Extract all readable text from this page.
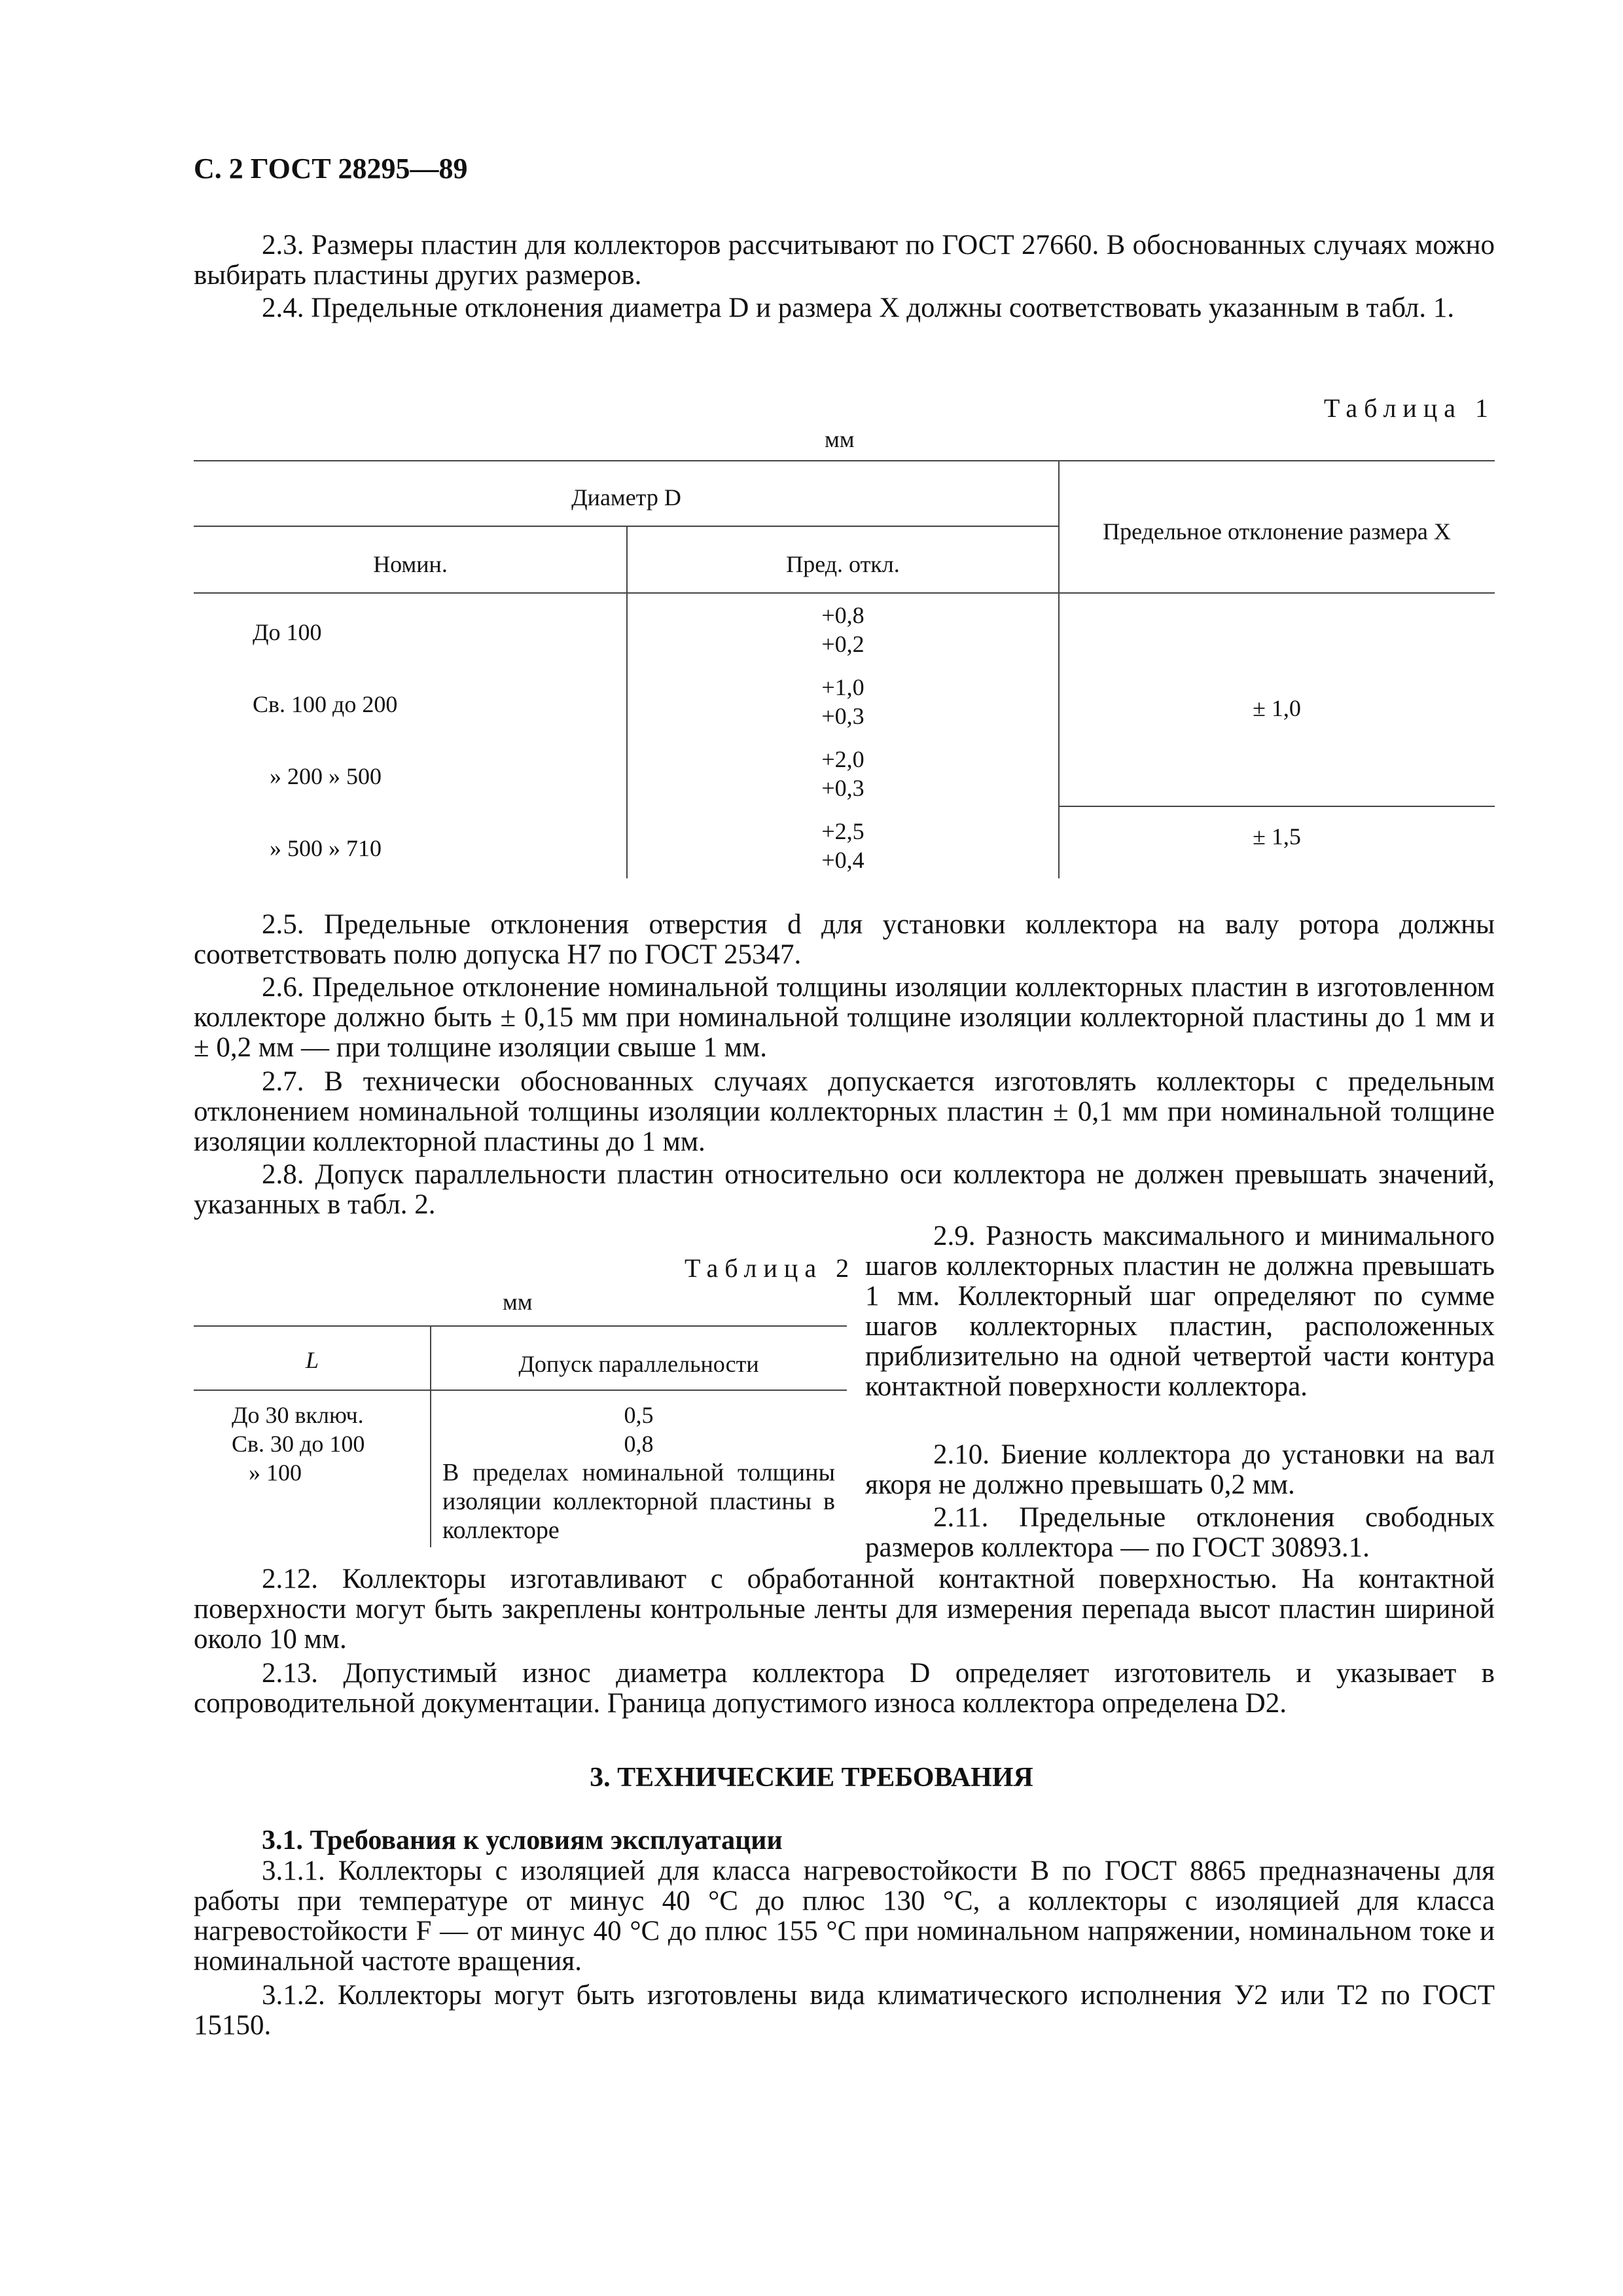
С. 2 ГОСТ 28295—89

2.3. Размеры пластин для коллекторов рассчитывают по ГОСТ 27660. В обоснованных случаях можно выбирать пластины других размеров.

2.4. Предельные отклонения диаметра D и размера X должны соответствовать указанным в табл. 1.

Таблица 1
мм
Диаметр D
Номин.	Пред. откл.
Предельное отклонение размера X
До 100
+0,8
+0,2
Св. 100 до 200
+1,0
+0,3
» 200 » 500
+2,0
+0,3
» 500 » 710
+2,5
+0,4
± 1,0
± 1,5

2.5. Предельные отклонения отверстия d для установки коллектора на валу ротора должны соответствовать полю допуска H7 по ГОСТ 25347.

2.6. Предельное отклонение номинальной толщины изоляции коллекторных пластин в изготовленном коллекторе должно быть ± 0,15 мм при номинальной толщине изоляции коллекторной пластины до 1 мм и ± 0,2 мм — при толщине изоляции свыше 1 мм.

2.7. В технически обоснованных случаях допускается изготовлять коллекторы с предельным отклонением номинальной толщины изоляции коллекторных пластин ± 0,1 мм при номинальной толщине изоляции коллекторной пластины до 1 мм.

2.8. Допуск параллельности пластин относительно оси коллектора не должен превышать значений, указанных в табл. 2.

Таблица 2
мм
L	Допуск параллельности
До 30 включ.
Св. 30 до 100
» 100
0,5
0,8
В пределах номинальной толщины изоляции коллекторной пластины в коллекторе

2.9. Разность максимального и минимального шагов коллекторных пластин не должна превышать 1 мм. Коллекторный шаг определяют по сумме шагов коллекторных пластин, расположенных приблизительно на одной четвертой части контура контактной поверхности коллектора.

2.10. Биение коллектора до установки на вал якоря не должно превышать 0,2 мм.

2.11. Предельные отклонения свободных размеров коллектора — по ГОСТ 30893.1.

2.12. Коллекторы изготавливают с обработанной контактной поверхностью. На контактной поверхности могут быть закреплены контрольные ленты для измерения перепада высот пластин шириной около 10 мм.

2.13. Допустимый износ диаметра коллектора D определяет изготовитель и указывает в сопроводительной документации. Граница допустимого износа коллектора определена D2.

3. ТЕХНИЧЕСКИЕ ТРЕБОВАНИЯ
3.1. Требования к условиям эксплуатации

3.1.1. Коллекторы с изоляцией для класса нагревостойкости B по ГОСТ 8865 предназначены для работы при температуре от минус 40 °С до плюс 130 °С, а коллекторы с изоляцией для класса нагревостойкости F — от минус 40 °С до плюс 155 °С при номинальном напряжении, номинальном токе и номинальной частоте вращения.

3.1.2. Коллекторы могут быть изготовлены вида климатического исполнения У2 или Т2 по ГОСТ 15150.
